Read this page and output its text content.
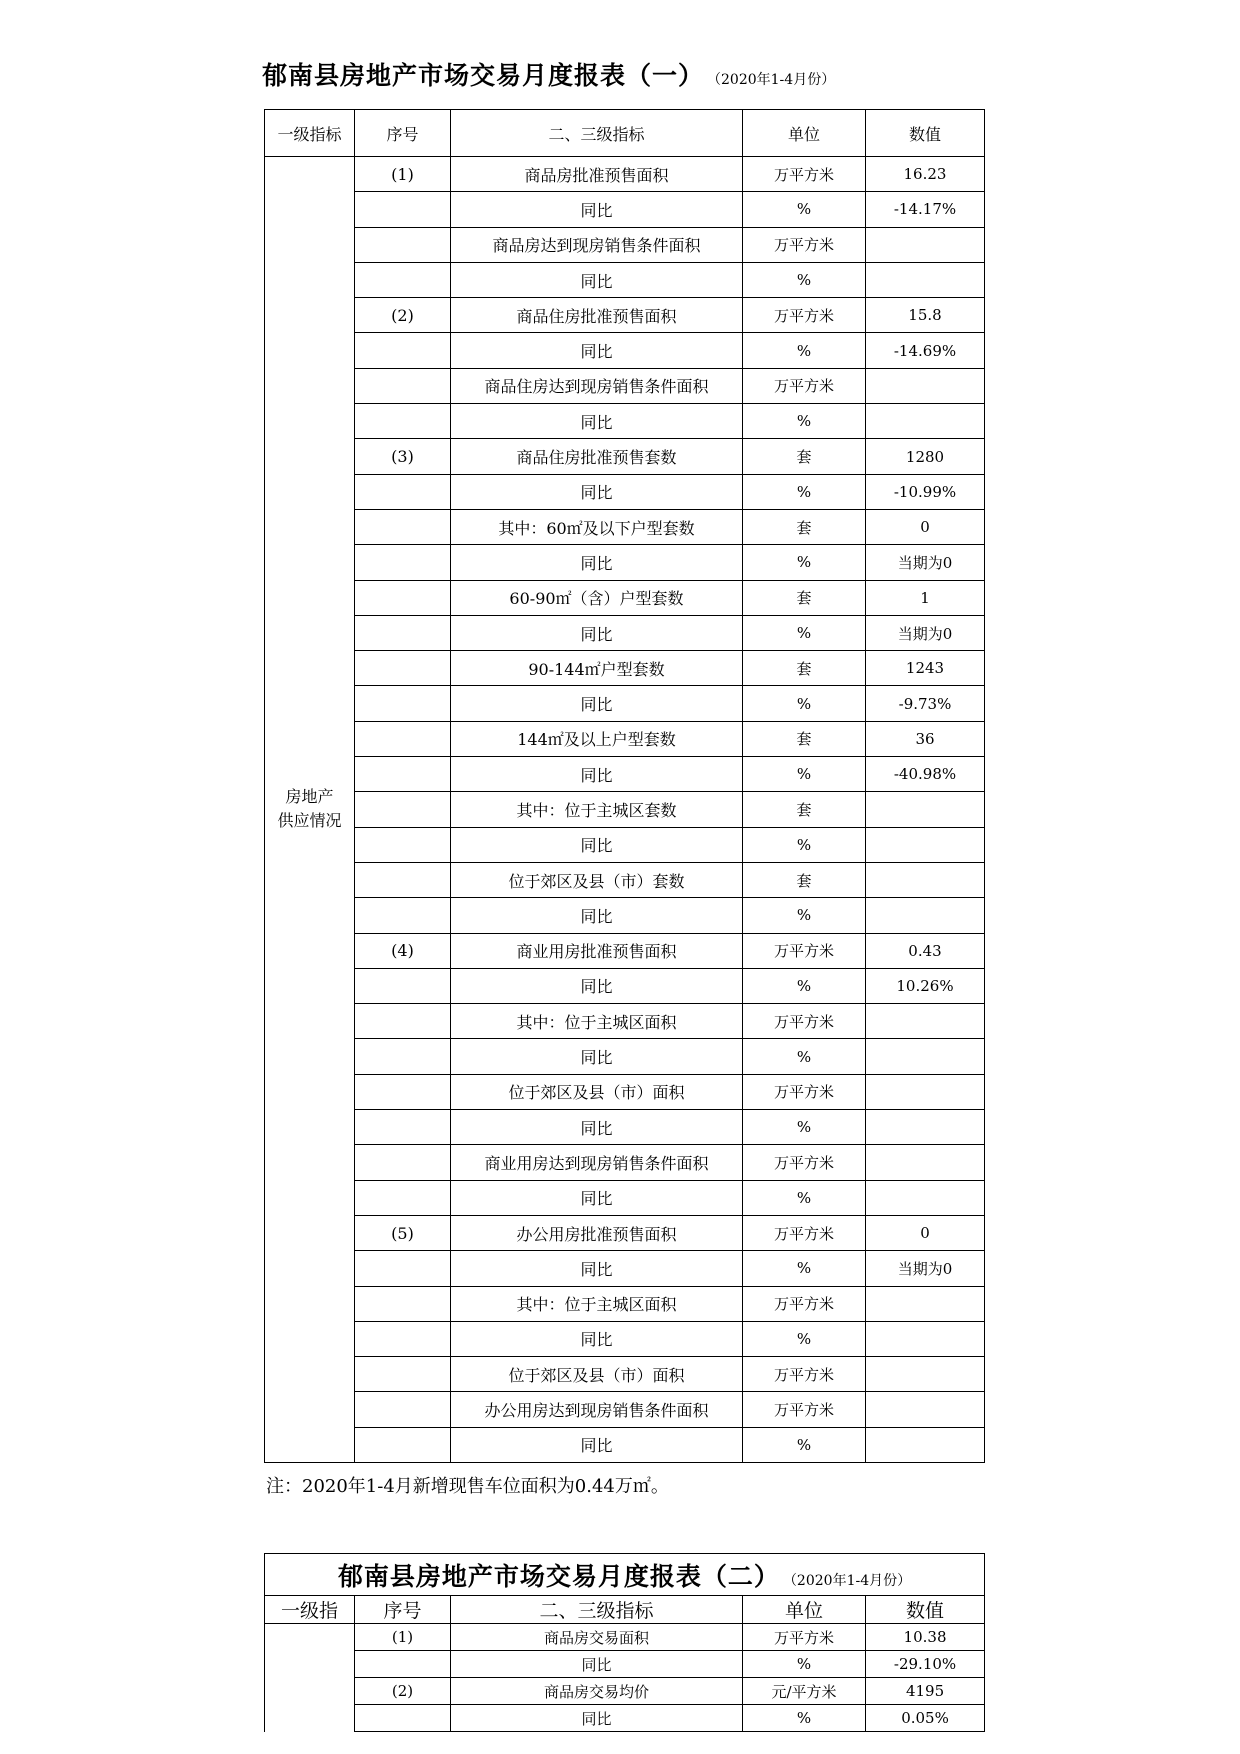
郁南县房地产市场交易月度报表（一） （2020年1-4月份）
一级指标	序号	二、三级指标	单位	数值
房地产
供应情况	(1)	商品房批准预售面积	万平方米	16.23
		同比	%	-14.17%
		商品房达到现房销售条件面积	万平方米	
		同比	%	
	(2)	商品住房批准预售面积	万平方米	15.8
		同比	%	-14.69%
		商品住房达到现房销售条件面积	万平方米	
		同比	%	
	(3)	商品住房批准预售套数	套	1280
		同比	%	-10.99%
		其中：60㎡及以下户型套数	套	0
		同比	%	当期为0
		60-90㎡（含）户型套数	套	1
		同比	%	当期为0
		90-144㎡户型套数	套	1243
		同比	%	-9.73%
		144㎡及以上户型套数	套	36
		同比	%	-40.98%
		其中：位于主城区套数	套	
		同比	%	
		位于郊区及县（市）套数	套	
		同比	%	
	(4)	商业用房批准预售面积	万平方米	0.43
		同比	%	10.26%
		其中：位于主城区面积	万平方米	
		同比	%	
		位于郊区及县（市）面积	万平方米	
		同比	%	
		商业用房达到现房销售条件面积	万平方米	
		同比	%	
	(5)	办公用房批准预售面积	万平方米	0
		同比	%	当期为0
		其中：位于主城区面积	万平方米	
		同比	%	
		位于郊区及县（市）面积	万平方米	
		办公用房达到现房销售条件面积	万平方米	
		同比	%	
注：2020年1-4月新增现售车位面积为0.44万㎡。
郁南县房地产市场交易月度报表（二） （2020年1-4月份）				
一级指	序号	二、三级指标	单位	数值
	(1)	商品房交易面积	万平方米	10.38
		同比	%	-29.10%
	(2)	商品房交易均价	元/平方米	4195
		同比	%	0.05%
